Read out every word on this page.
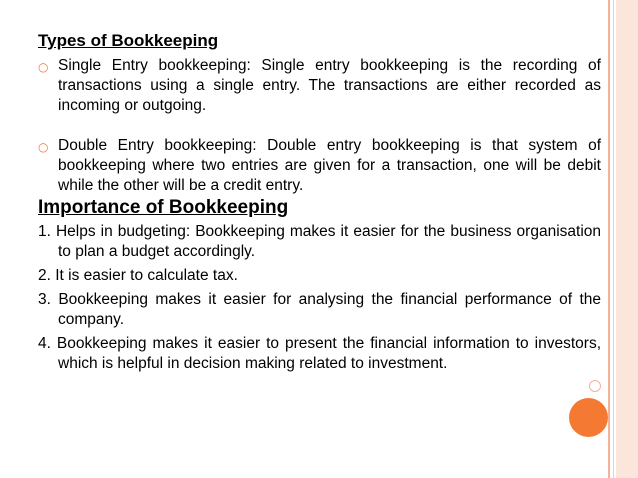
Types of Bookkeeping
○ Single Entry bookkeeping: Single entry bookkeeping is the recording of transactions using a single entry. The transactions are either recorded as incoming or outgoing.
○ Double Entry bookkeeping: Double entry bookkeeping is that system of bookkeeping where two entries are given for a transaction, one will be debit while the other will be a credit entry.
Importance of Bookkeeping

1. Helps in budgeting: Bookkeeping makes it easier for the business organisation to plan a budget accordingly.

2. It is easier to calculate tax.

3. Bookkeeping makes it easier for analysing the financial performance of the company.

4. Bookkeeping makes it easier to present the financial information to investors, which is helpful in decision making related to investment.
